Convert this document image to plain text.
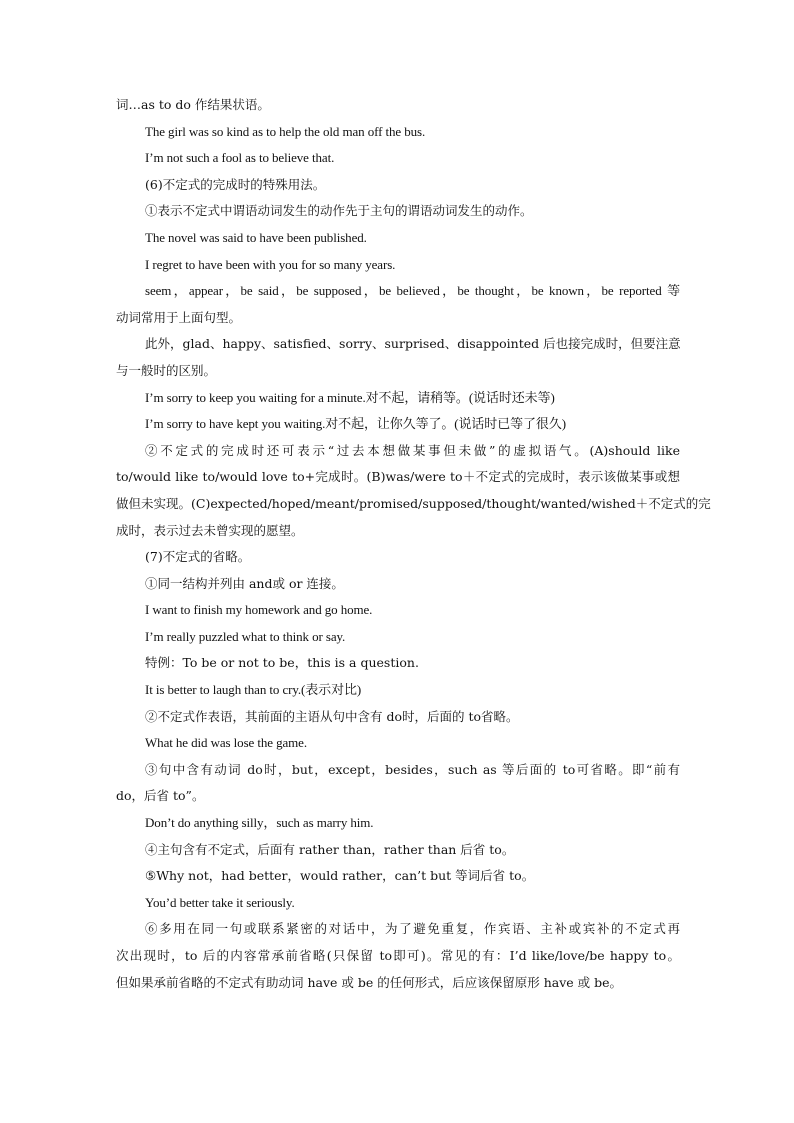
词…as to do 作结果状语。
The girl was so kind as to help the old man off the bus.
I’m not such a fool as to believe that.
(6)不定式的完成时的特殊用法。
①表示不定式中谓语动词发生的动作先于主句的谓语动词发生的动作。
The novel was said to have been published.
I regret to have been with you for so many years.
seem，appear，be said，be supposed，be believed，be thought，be known，be reported 等
动词常用于上面句型。
此外，glad、happy、satisfied、sorry、surprised、disappointed 后也接完成时，但要注意
与一般时的区别。
I’m sorry to keep you waiting for a minute.对不起，请稍等。(说话时还未等)
I’m sorry to have kept you waiting.对不起，让你久等了。(说话时已等了很久)
②不定式的完成时还可表示“过去本想做某事但未做”的虚拟语气。(A)should like
to/would like to/would love to+完成时。(B)was/were to＋不定式的完成时，表示该做某事或想
做但未实现。(C)expected/hoped/meant/promised/supposed/thought/wanted/wished＋不定式的完
成时，表示过去未曾实现的愿望。
(7)不定式的省略。
①同一结构并列由 and或 or 连接。
I want to finish my homework and go home.
I’m really puzzled what to think or say.
特例：To be or not to be，this is a question.
It is better to laugh than to cry.(表示对比)
②不定式作表语，其前面的主语从句中含有 do时，后面的 to省略。
What he did was lose the game.
③句中含有动词 do时，but，except，besides，such as 等后面的 to可省略。即“前有
do，后省 to”。
Don’t do anything silly，such as marry him.
④主句含有不定式，后面有 rather than，rather than 后省 to。
⑤Why not，had better，would rather，can’t but 等词后省 to。
You’d better take it seriously.
⑥多用在同一句或联系紧密的对话中，为了避免重复，作宾语、主补或宾补的不定式再
次出现时，to 后的内容常承前省略(只保留 to即可)。常见的有：I’d like/love/be happy to。
但如果承前省略的不定式有助动词 have 或 be 的任何形式，后应该保留原形 have 或 be。
